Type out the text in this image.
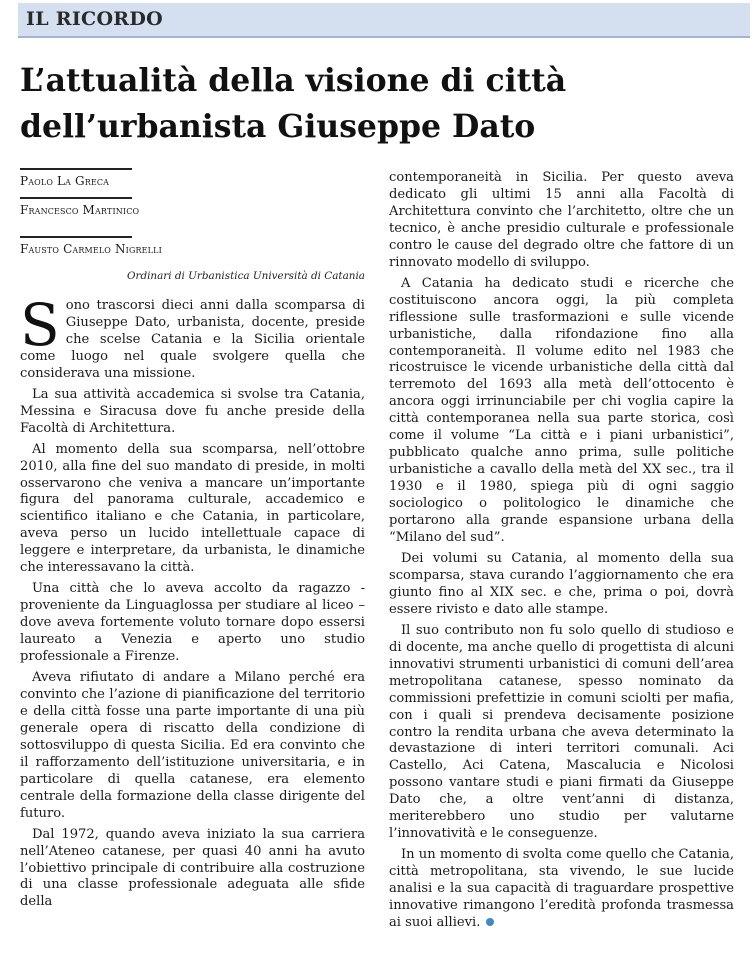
IL RICORDO
L’attualità della visione di città
dell’urbanista Giuseppe Dato
Paolo La Greca
Francesco Martinico
Fausto Carmelo Nigrelli
Ordinari di Urbanistica Università di Catania

Sono trascorsi dieci anni dalla scomparsa di Giuseppe Dato, urbanista, docente, preside che scelse Catania e la Sicilia orientale come luogo nel quale svolgere quella che considerava una missione.

La sua attività accademica si svolse tra Catania, Messina e Siracusa dove fu anche preside della Facoltà di Architettura.

Al momento della sua scomparsa, nell’ottobre 2010, alla fine del suo mandato di preside, in molti osservarono che veniva a mancare un’importante figura del panorama culturale, accademico e scientifico italiano e che Catania, in particolare, aveva perso un lucido intellettuale capace di leggere e interpretare, da urbanista, le dinamiche che interessavano la città.

Una città che lo aveva accolto da ragazzo - proveniente da Linguaglossa per studiare al liceo – dove aveva fortemente voluto tornare dopo essersi laureato a Venezia e aperto uno studio professionale a Firenze.

Aveva rifiutato di andare a Milano perché era convinto che l’azione di pianificazione del territorio e della città fosse una parte importante di una più generale opera di riscatto della condizione di sottosviluppo di questa Sicilia. Ed era convinto che il rafforzamento dell’istituzione universitaria, e in particolare di quella catanese, era elemento centrale della formazione della classe dirigente del futuro.

Dal 1972, quando aveva iniziato la sua carriera nell’Ateneo catanese, per quasi 40 anni ha avuto l’obiettivo principale di contribuire alla costruzione di una classe professionale adeguata alle sfide della

contemporaneità in Sicilia. Per questo aveva dedicato gli ultimi 15 anni alla Facoltà di Architettura convinto che l’architetto, oltre che un tecnico, è anche presidio culturale e professionale contro le cause del degrado oltre che fattore di un rinnovato modello di sviluppo.

A Catania ha dedicato studi e ricerche che costituiscono ancora oggi, la più completa riflessione sulle trasformazioni e sulle vicende urbanistiche, dalla rifondazione fino alla contemporaneità. Il volume edito nel 1983 che ricostruisce le vicende urbanistiche della città dal terremoto del 1693 alla metà dell’ottocento è ancora oggi irrinunciabile per chi voglia capire la città contemporanea nella sua parte storica, così come il volume “La città e i piani urbanistici”, pubblicato qualche anno prima, sulle politiche urbanistiche a cavallo della metà del XX sec., tra il 1930 e il 1980, spiega più di ogni saggio sociologico o politologico le dinamiche che portarono alla grande espansione urbana della “Milano del sud”.

Dei volumi su Catania, al momento della sua scomparsa, stava curando l’aggiornamento che era giunto fino al XIX sec. e che, prima o poi, dovrà essere rivisto e dato alle stampe.

Il suo contributo non fu solo quello di studioso e di docente, ma anche quello di progettista di alcuni innovativi strumenti urbanistici di comuni dell’area metropolitana catanese, spesso nominato da commissioni prefettizie in comuni sciolti per mafia, con i quali si prendeva decisamente posizione contro la rendita urbana che aveva determinato la devastazione di interi territori comunali. Aci Castello, Aci Catena, Mascalucia e Nicolosi possono vantare studi e piani firmati da Giuseppe Dato che, a oltre vent’anni di distanza, meriterebbero uno studio per valutarne l’innovatività e le conseguenze.

In un momento di svolta come quello che Catania, città metropolitana, sta vivendo, le sue lucide analisi e la sua capacità di traguardare prospettive innovative rimangono l’eredità profonda trasmessa ai suoi allievi.
